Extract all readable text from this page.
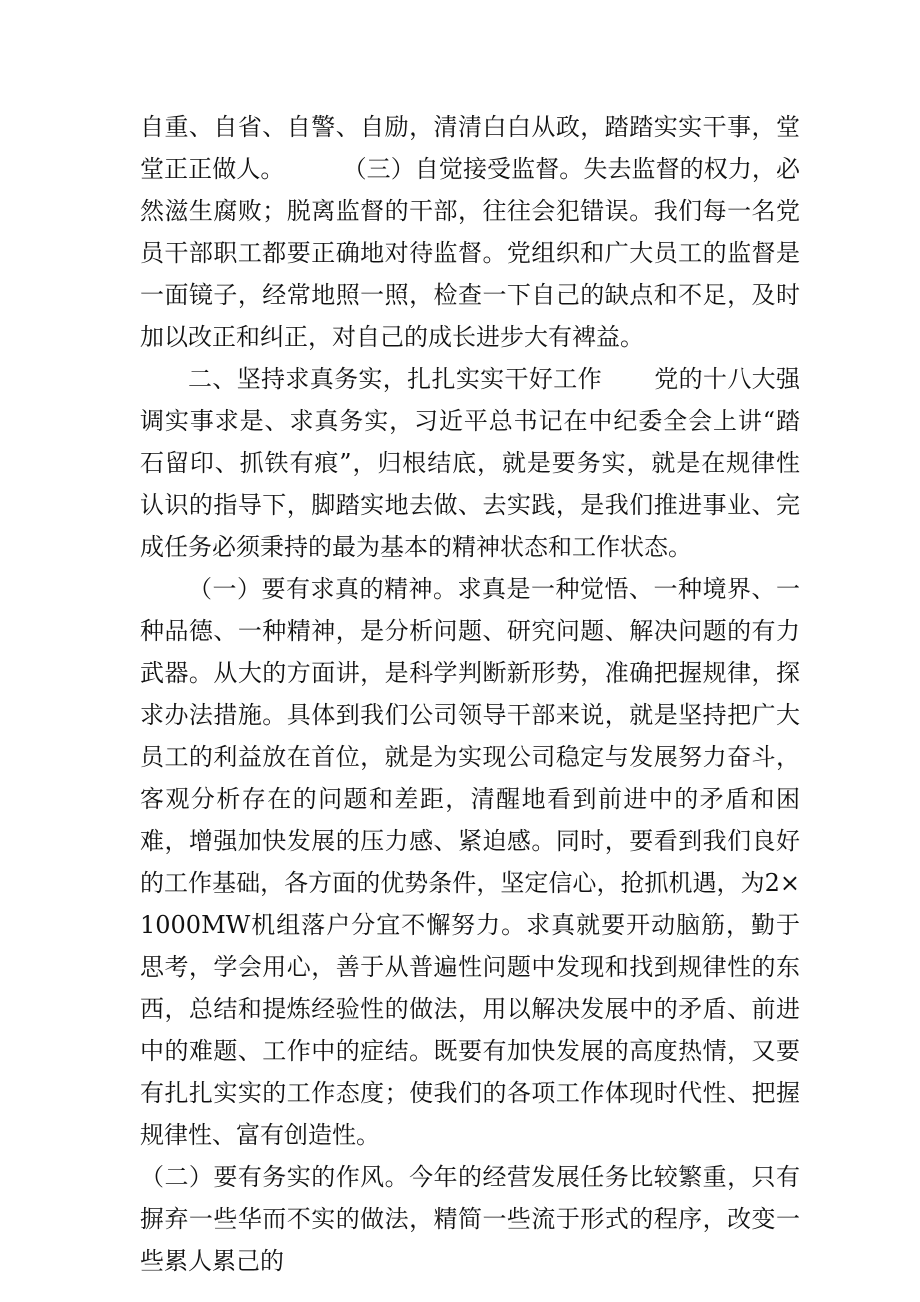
自重、自省、自警、自励，清清白白从政，踏踏实实干事，堂堂正正做人。 （三）自觉接受监督。失去监督的权力，必然滋生腐败；脱离监督的干部，往往会犯错误。我们每一名党员干部职工都要正确地对待监督。党组织和广大员工的监督是一面镜子，经常地照一照，检查一下自己的缺点和不足，及时加以改正和纠正，对自己的成长进步大有裨益。

二、坚持求真务实，扎扎实实干好工作 党的十八大强调实事求是、求真务实，习近平总书记在中纪委全会上讲“踏石留印、抓铁有痕”，归根结底，就是要务实，就是在规律性认识的指导下，脚踏实地去做、去实践，是我们推进事业、完成任务必须秉持的最为基本的精神状态和工作状态。

（一）要有求真的精神。求真是一种觉悟、一种境界、一种品德、一种精神，是分析问题、研究问题、解决问题的有力武器。从大的方面讲，是科学判断新形势，准确把握规律，探求办法措施。具体到我们公司领导干部来说，就是坚持把广大员工的利益放在首位，就是为实现公司稳定与发展努力奋斗，客观分析存在的问题和差距，清醒地看到前进中的矛盾和困难，增强加快发展的压力感、紧迫感。同时，要看到我们良好的工作基础，各方面的优势条件，坚定信心，抢抓机遇，为2×1000MW机组落户分宜不懈努力。求真就要开动脑筋，勤于思考，学会用心，善于从普遍性问题中发现和找到规律性的东西，总结和提炼经验性的做法，用以解决发展中的矛盾、前进中的难题、工作中的症结。既要有加快发展的高度热情，又要有扎扎实实的工作态度；使我们的各项工作体现时代性、把握规律性、富有创造性。

（二）要有务实的作风。今年的经营发展任务比较繁重，只有摒弃一些华而不实的做法，精简一些流于形式的程序，改变一些累人累己的
